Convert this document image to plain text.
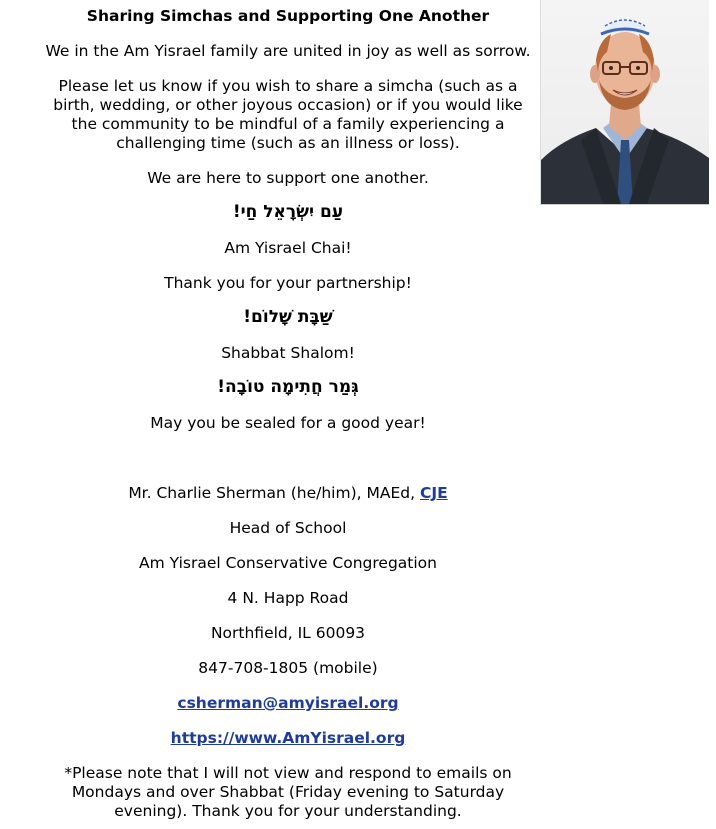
Sharing Simchas and Supporting One Another

We in the Am Yisrael family are united in joy as well as sorrow.

Please let us know if you wish to share a simcha (such as a birth, wedding, or other joyous occasion) or if you would like the community to be mindful of a family experiencing a challenging time (such as an illness or loss).

We are here to support one another.

עַם יִשְׂרָאֵל חַי!

Am Yisrael Chai!

Thank you for your partnership!

שַׁבָּת שָׁלוֹם!

Shabbat Shalom!

גְּמַר חֲתִימָה טוֹבָה!

May you be sealed for a good year!

Mr. Charlie Sherman (he/him), MAEd, CJE

Head of School

Am Yisrael Conservative Congregation

4 N. Happ Road

Northfield, IL 60093

847-708-1805 (mobile)

csherman@amyisrael.org

https://www.AmYisrael.org

*Please note that I will not view and respond to emails on Mondays and over Shabbat (Friday evening to Saturday evening). Thank you for your understanding.
